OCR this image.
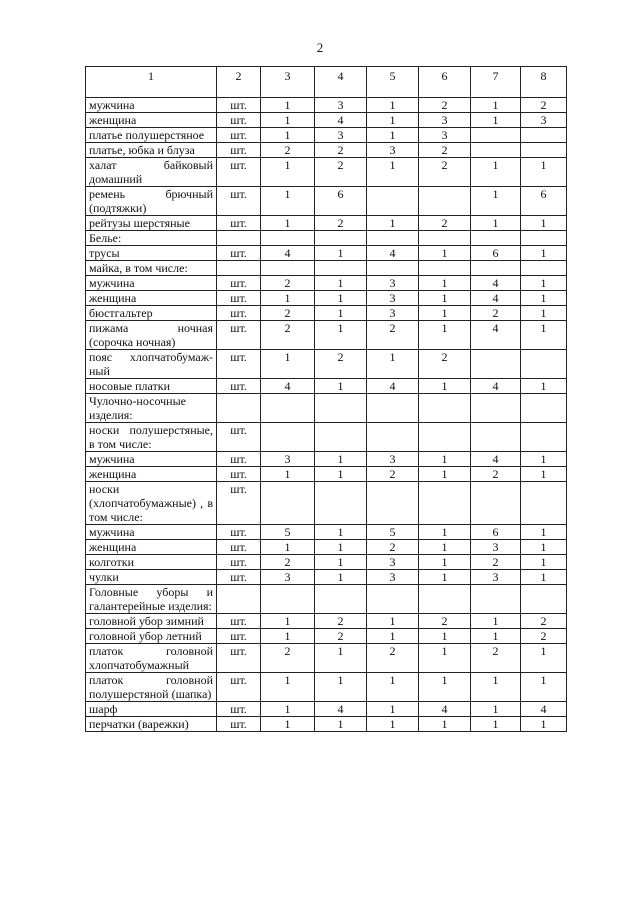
2
1	2	3	4	5	6	7	8
мужчина	шт.	1	3	1	2	1	2
женщина	шт.	1	4	1	3	1	3
платье полушерстяное	шт.	1	3	1	3		
платье, юбка и блуза	шт.	2	2	3	2		
халат байковый домашний	шт.	1	2	1	2	1	1
ремень брючный (подтяжки)	шт.	1	6			1	6
рейтузы шерстяные	шт.	1	2	1	2	1	1
Белье:							
трусы	шт.	4	1	4	1	6	1
майка, в том числе:							
мужчина	шт.	2	1	3	1	4	1
женщина	шт.	1	1	3	1	4	1
бюстгальтер	шт.	2	1	3	1	2	1
пижама ночная (сорочка ночная)	шт.	2	1	2	1	4	1
пояс хлопчатобумаж-ный	шт.	1	2	1	2		
носовые платки	шт.	4	1	4	1	4	1
Чулочно-носочные изделия:							
носки полушерстяные, в том числе:	шт.						
мужчина	шт.	3	1	3	1	4	1
женщина	шт.	1	1	2	1	2	1
носки (хлопчатобумажные) , в том числе:	шт.						
мужчина	шт.	5	1	5	1	6	1
женщина	шт.	1	1	2	1	3	1
колготки	шт.	2	1	3	1	2	1
чулки	шт.	3	1	3	1	3	1
Головные уборы и галантерейные изделия:							
головной убор зимний	шт.	1	2	1	2	1	2
головной убор летний	шт.	1	2	1	1	1	2
платок головной хлопчатобумажный	шт.	2	1	2	1	2	1
платок головной полушерстяной (шапка)	шт.	1	1	1	1	1	1
шарф	шт.	1	4	1	4	1	4
перчатки (варежки)	шт.	1	1	1	1	1	1
